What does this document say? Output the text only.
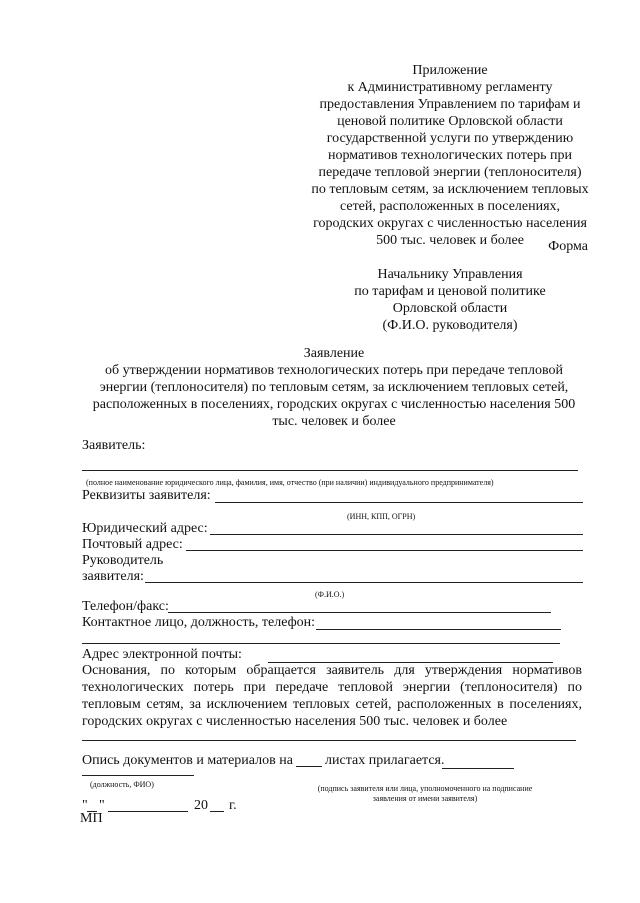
Приложение
к Административному регламенту
предоставления Управлением по тарифам и
ценовой политике Орловской области
государственной услуги по утверждению
нормативов технологических потерь при
передаче тепловой энергии (теплоносителя)
по тепловым сетям, за исключением тепловых
сетей, расположенных в поселениях,
городских округах с численностью населения
500 тыс. человек и более	Форма
Начальнику Управления
по тарифам и ценовой политике
Орловской области
(Ф.И.О. руководителя)
Заявление
об утверждении нормативов технологических потерь при передаче тепловой
энергии (теплоносителя) по тепловым сетям, за исключением тепловых сетей,
расположенных в поселениях, городских округах с численностью населения 500
тыс. человек и более
Заявитель:
(полное наименование юридического лица, фамилия, имя, отчество (при наличии) индивидуального предпринимателя)
Реквизиты заявителя:
(ИНН, КПП, ОГРН)
Юридический адрес:
Почтовый адрес:
Руководитель
заявителя:
(Ф.И.О.)
Телефон/факс:
Контактное лицо, должность, телефон:
Адрес электронной почты:
Основания, по которым обращается заявитель для утверждения нормативов
технологических потерь при передаче тепловой энергии (теплоносителя) по
тепловым сетям, за исключением тепловых сетей, расположенных в поселениях,
городских округах с численностью населения 500 тыс. человек и более
Опись документов и материалов на листах прилагается.
(должность, ФИО)	(подпись заявителя или лица, уполномоченного на подписание
заявления от имени заявителя)
" "	20 г.
МП
